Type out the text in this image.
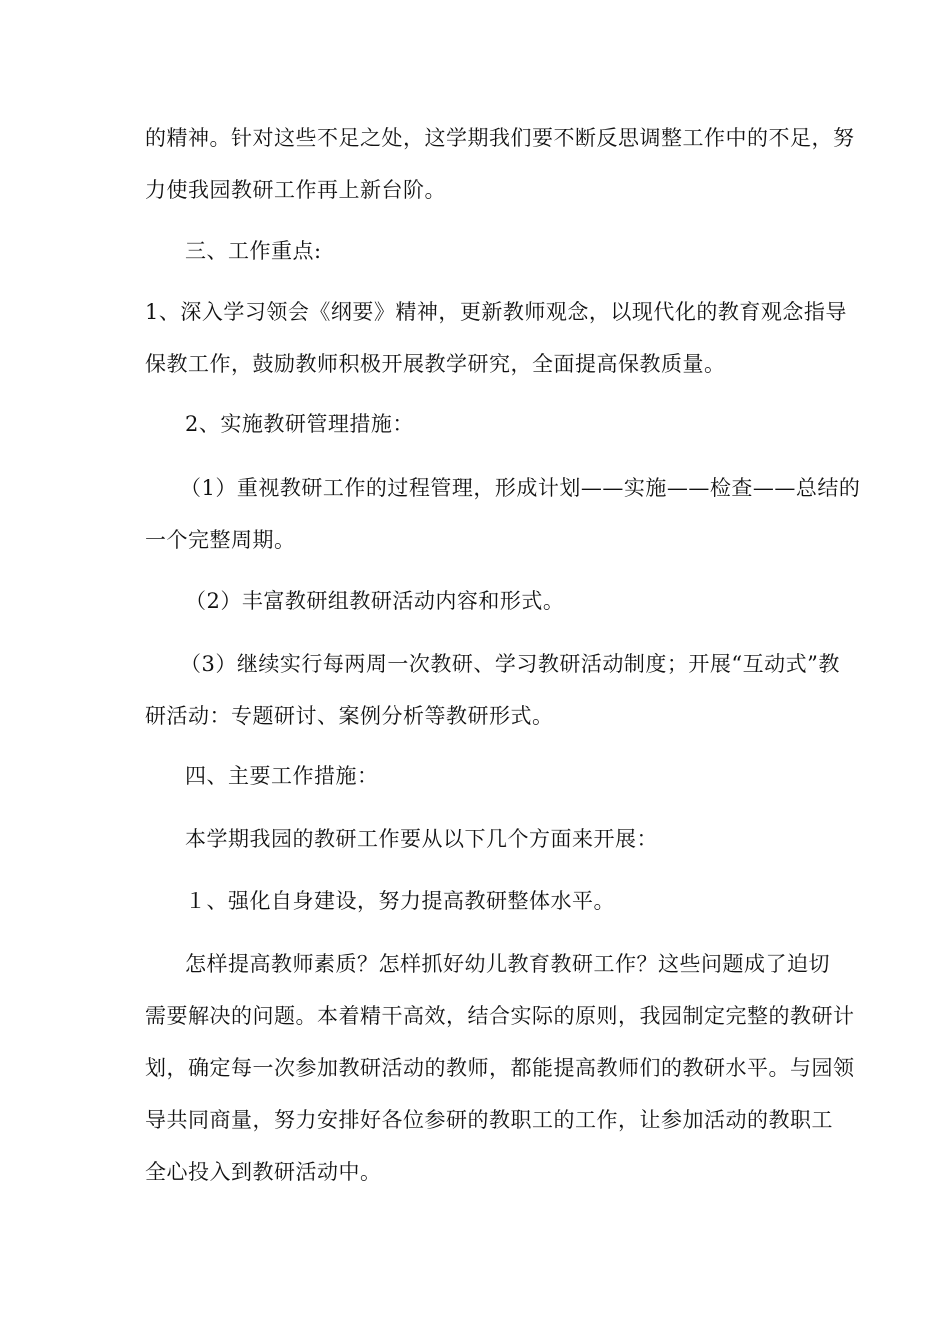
的精神。针对这些不足之处，这学期我们要不断反思调整工作中的不足，努
力使我园教研工作再上新台阶。

三、工作重点:

1、深入学习领会《纲要》精神，更新教师观念，以现代化的教育观念指导
保教工作，鼓励教师积极开展教学研究，全面提高保教质量。

2、实施教研管理措施：

（1）重视教研工作的过程管理，形成计划——实施——检查——总结的
一个完整周期。

（2）丰富教研组教研活动内容和形式。

（3）继续实行每两周一次教研、学习教研活动制度；开展“互动式”教
研活动：专题研讨、案例分析等教研形式。

四、主要工作措施：

本学期我园的教研工作要从以下几个方面来开展：

１、强化自身建设，努力提高教研整体水平。

怎样提高教师素质？怎样抓好幼儿教育教研工作？这些问题成了迫切
需要解决的问题。本着精干高效，结合实际的原则，我园制定完整的教研计
划，确定每一次参加教研活动的教师，都能提高教师们的教研水平。与园领
导共同商量，努力安排好各位参研的教职工的工作，让参加活动的教职工
全心投入到教研活动中。
